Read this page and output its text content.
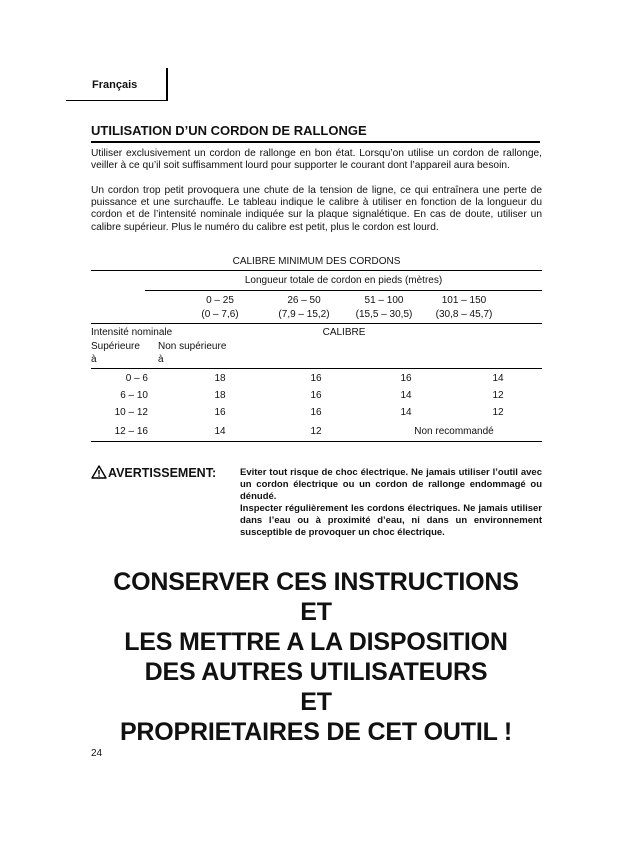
Français
UTILISATION D’UN CORDON DE RALLONGE
Utiliser exclusivement un cordon de rallonge en bon état. Lorsqu’on utilise un cordon de rallonge, veiller à ce qu’il soit suffisamment lourd pour supporter le courant dont l’appareil aura besoin.
Un cordon trop petit provoquera une chute de la tension de ligne, ce qui entraînera une perte de puissance et une surchauffe. Le tableau indique le calibre à utiliser en fonction de la longueur du cordon et de l’intensité nominale indiquée sur la plaque signalétique. En cas de doute, utiliser un calibre supérieur. Plus le numéro du calibre est petit, plus le cordon est lourd.
CALIBRE MINIMUM DES CORDONS
Longueur totale de cordon en pieds (mètres)
0 – 25
(0 – 7,6)
26 – 50
(7,9 – 15,2)
51 – 100
(15,5 – 30,5)
101 – 150
(30,8 – 45,7)
Intensité nominale	CALIBRE
Supérieure
à
Non supérieure
à
0 – 6	18	16	16	14
6 – 10	18	16	14	12
10 – 12	16	16	14	12
12 – 16	14	12	Non recommandé
AVERTISSEMENT:	Eviter tout risque de choc électrique. Ne jamais utiliser l’outil avec un cordon électrique ou un cordon de rallonge endommagé ou dénudé.

Inspecter régulièrement les cordons électriques. Ne jamais utiliser dans l’eau ou à proximité d’eau, ni dans un environnement susceptible de provoquer un choc électrique.

CONSERVER CES INSTRUCTIONS
ET
LES METTRE A LA DISPOSITION
DES AUTRES UTILISATEURS
ET
PROPRIETAIRES DE CET OUTIL !
24
